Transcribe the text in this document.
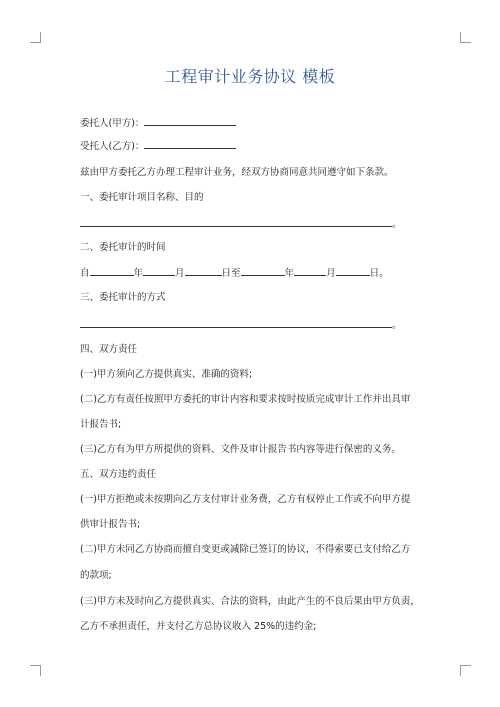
工程审计业务协议 模板
委托人(甲方)：
受托人(乙方)：
兹由甲方委托乙方办理工程审计业务，经双方协商同意共同遵守如下条款。
一、委托审计项目名称、目的
。
二、委托审计的时间
自	年	月	日至	年	月	日。
三、委托审计的方式
。
四、双方责任
(一)甲方须向乙方提供真实、准确的资料;
(二)乙方有责任按照甲方委托的审计内容和要求按时按质完成审计工作并出具审
计报告书;
(三)乙方有为甲方所提供的资料、文件及审计报告书内容等进行保密的义务。
五、双方违约责任
(一)甲方拒绝或未按期向乙方支付审计业务费，乙方有权停止工作或不向甲方提
供审计报告书;
(二)甲方未同乙方协商而擅自变更或减除已签订的协议，不得索要已支付给乙方
的款项;
(三)甲方未及时向乙方提供真实、合法的资料，由此产生的不良后果由甲方负责，
乙方不承担责任，并支付乙方总协议收入 25%的违约金;
